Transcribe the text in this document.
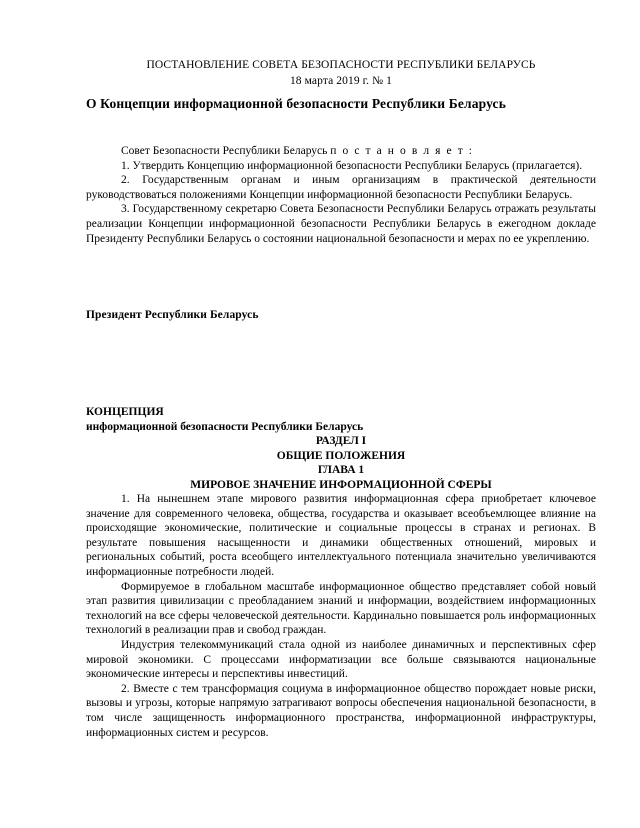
ПОСТАНОВЛЕНИЕ СОВЕТА БЕЗОПАСНОСТИ РЕСПУБЛИКИ БЕЛАРУСЬ
18 марта 2019 г. № 1
О Концепции информационной безопасности Республики Беларусь

Совет Безопасности Республики Беларусь п о с т а н о в л я е т :

1. Утвердить Концепцию информационной безопасности Республики Беларусь (прилагается).

2. Государственным органам и иным организациям в практической деятельности руководствоваться положениями Концепции информационной безопасности Республики Беларусь.

3. Государственному секретарю Совета Безопасности Республики Беларусь отражать результаты реализации Концепции информационной безопасности Республики Беларусь в ежегодном докладе Президенту Республики Беларусь о состоянии национальной безопасности и мерах по ее укреплению.

Президент Республики Беларусь
КОНЦЕПЦИЯ
информационной безопасности Республики Беларусь
РАЗДЕЛ I
ОБЩИЕ ПОЛОЖЕНИЯ
ГЛАВА 1
МИРОВОЕ ЗНАЧЕНИЕ ИНФОРМАЦИОННОЙ СФЕРЫ

1. На нынешнем этапе мирового развития информационная сфера приобретает ключевое значение для современного человека, общества, государства и оказывает всеобъемлющее влияние на происходящие экономические, политические и социальные процессы в странах и регионах. В результате повышения насыщенности и динамики общественных отношений, мировых и региональных событий, роста всеобщего интеллектуального потенциала значительно увеличиваются информационные потребности людей.

Формируемое в глобальном масштабе информационное общество представляет собой новый этап развития цивилизации с преобладанием знаний и информации, воздействием информационных технологий на все сферы человеческой деятельности. Кардинально повышается роль информационных технологий в реализации прав и свобод граждан.

Индустрия телекоммуникаций стала одной из наиболее динамичных и перспективных сфер мировой экономики. С процессами информатизации все больше связываются национальные экономические интересы и перспективы инвестиций.

2. Вместе с тем трансформация социума в информационное общество порождает новые риски, вызовы и угрозы, которые напрямую затрагивают вопросы обеспечения национальной безопасности, в том числе защищенность информационного пространства, информационной инфраструктуры, информационных систем и ресурсов.
